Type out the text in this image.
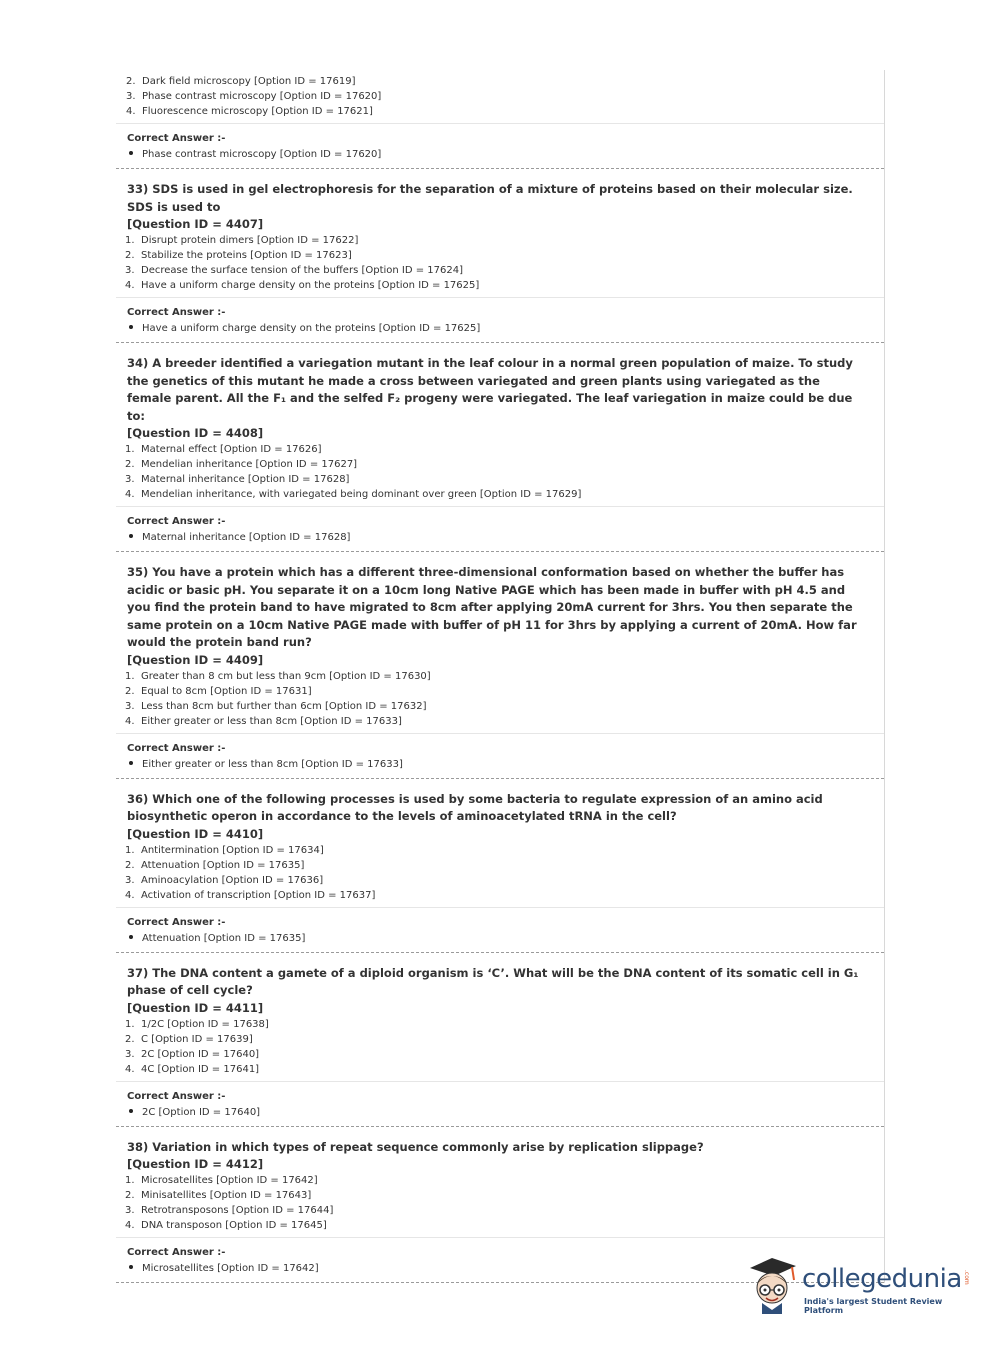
2. Dark field microscopy [Option ID = 17619]
3. Phase contrast microscopy [Option ID = 17620]
4. Fluorescence microscopy [Option ID = 17621]
Correct Answer :-
Phase contrast microscopy [Option ID = 17620]
33) SDS is used in gel electrophoresis for the separation of a mixture of proteins based on their molecular size. SDS is used to
[Question ID = 4407]
1. Disrupt protein dimers [Option ID = 17622]
2. Stabilize the proteins [Option ID = 17623]
3. Decrease the surface tension of the buffers [Option ID = 17624]
4. Have a uniform charge density on the proteins [Option ID = 17625]
Correct Answer :-
Have a uniform charge density on the proteins [Option ID = 17625]
34) A breeder identified a variegation mutant in the leaf colour in a normal green population of maize. To study the genetics of this mutant he made a cross between variegated and green plants using variegated as the female parent. All the F₁ and the selfed F₂ progeny were variegated. The leaf variegation in maize could be due to:
[Question ID = 4408]
1. Maternal effect [Option ID = 17626]
2. Mendelian inheritance [Option ID = 17627]
3. Maternal inheritance [Option ID = 17628]
4. Mendelian inheritance, with variegated being dominant over green [Option ID = 17629]
Correct Answer :-
Maternal inheritance [Option ID = 17628]
35) You have a protein which has a different three-dimensional conformation based on whether the buffer has acidic or basic pH. You separate it on a 10cm long Native PAGE which has been made in buffer with pH 4.5 and you find the protein band to have migrated to 8cm after applying 20mA current for 3hrs. You then separate the same protein on a 10cm Native PAGE made with buffer of pH 11 for 3hrs by applying a current of 20mA. How far would the protein band run?
[Question ID = 4409]
1. Greater than 8 cm but less than 9cm [Option ID = 17630]
2. Equal to 8cm [Option ID = 17631]
3. Less than 8cm but further than 6cm [Option ID = 17632]
4. Either greater or less than 8cm [Option ID = 17633]
Correct Answer :-
Either greater or less than 8cm [Option ID = 17633]
36) Which one of the following processes is used by some bacteria to regulate expression of an amino acid biosynthetic operon in accordance to the levels of aminoacetylated tRNA in the cell?
[Question ID = 4410]
1. Antitermination [Option ID = 17634]
2. Attenuation [Option ID = 17635]
3. Aminoacylation [Option ID = 17636]
4. Activation of transcription [Option ID = 17637]
Correct Answer :-
Attenuation [Option ID = 17635]
37) The DNA content a gamete of a diploid organism is ‘C’. What will be the DNA content of its somatic cell in G₁ phase of cell cycle?
[Question ID = 4411]
1. 1/2C [Option ID = 17638]
2. C [Option ID = 17639]
3. 2C [Option ID = 17640]
4. 4C [Option ID = 17641]
Correct Answer :-
2C [Option ID = 17640]
38) Variation in which types of repeat sequence commonly arise by replication slippage?
[Question ID = 4412]
1. Microsatellites [Option ID = 17642]
2. Minisatellites [Option ID = 17643]
3. Retrotransposons [Option ID = 17644]
4. DNA transposon [Option ID = 17645]
Correct Answer :-
Microsatellites [Option ID = 17642]	collegedunia .com
India's largest Student Review Platform
